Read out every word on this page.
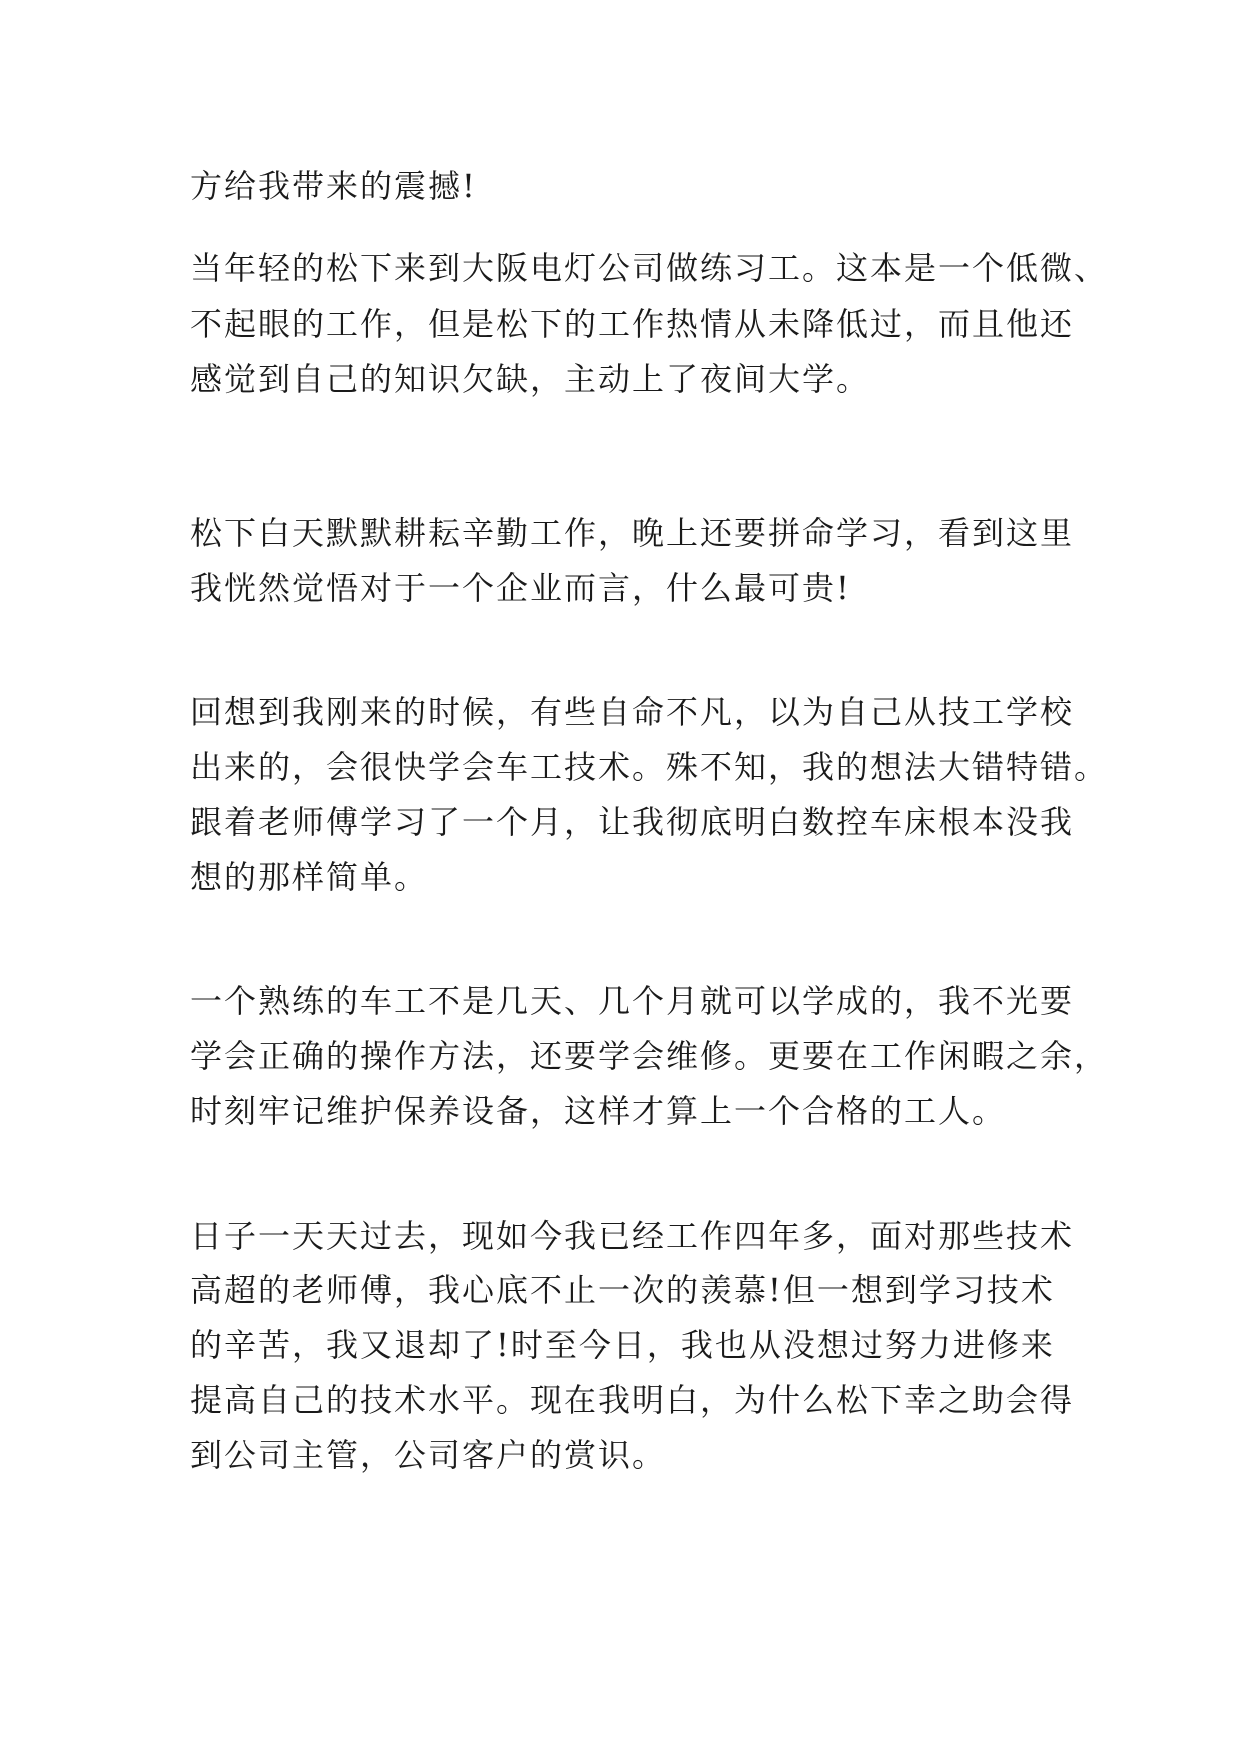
方给我带来的震撼!
当年轻的松下来到大阪电灯公司做练习工。这本是一个低微、
不起眼的工作，但是松下的工作热情从未降低过，而且他还
感觉到自己的知识欠缺，主动上了夜间大学。
松下白天默默耕耘辛勤工作，晚上还要拼命学习，看到这里
我恍然觉悟对于一个企业而言，什么最可贵!
回想到我刚来的时候，有些自命不凡，以为自己从技工学校
出来的，会很快学会车工技术。殊不知，我的想法大错特错。
跟着老师傅学习了一个月，让我彻底明白数控车床根本没我
想的那样简单。
一个熟练的车工不是几天、几个月就可以学成的，我不光要
学会正确的操作方法，还要学会维修。更要在工作闲暇之余，
时刻牢记维护保养设备，这样才算上一个合格的工人。
日子一天天过去，现如今我已经工作四年多，面对那些技术
高超的老师傅，我心底不止一次的羡慕!但一想到学习技术
的辛苦，我又退却了!时至今日，我也从没想过努力进修来
提高自己的技术水平。现在我明白，为什么松下幸之助会得
到公司主管，公司客户的赏识。
